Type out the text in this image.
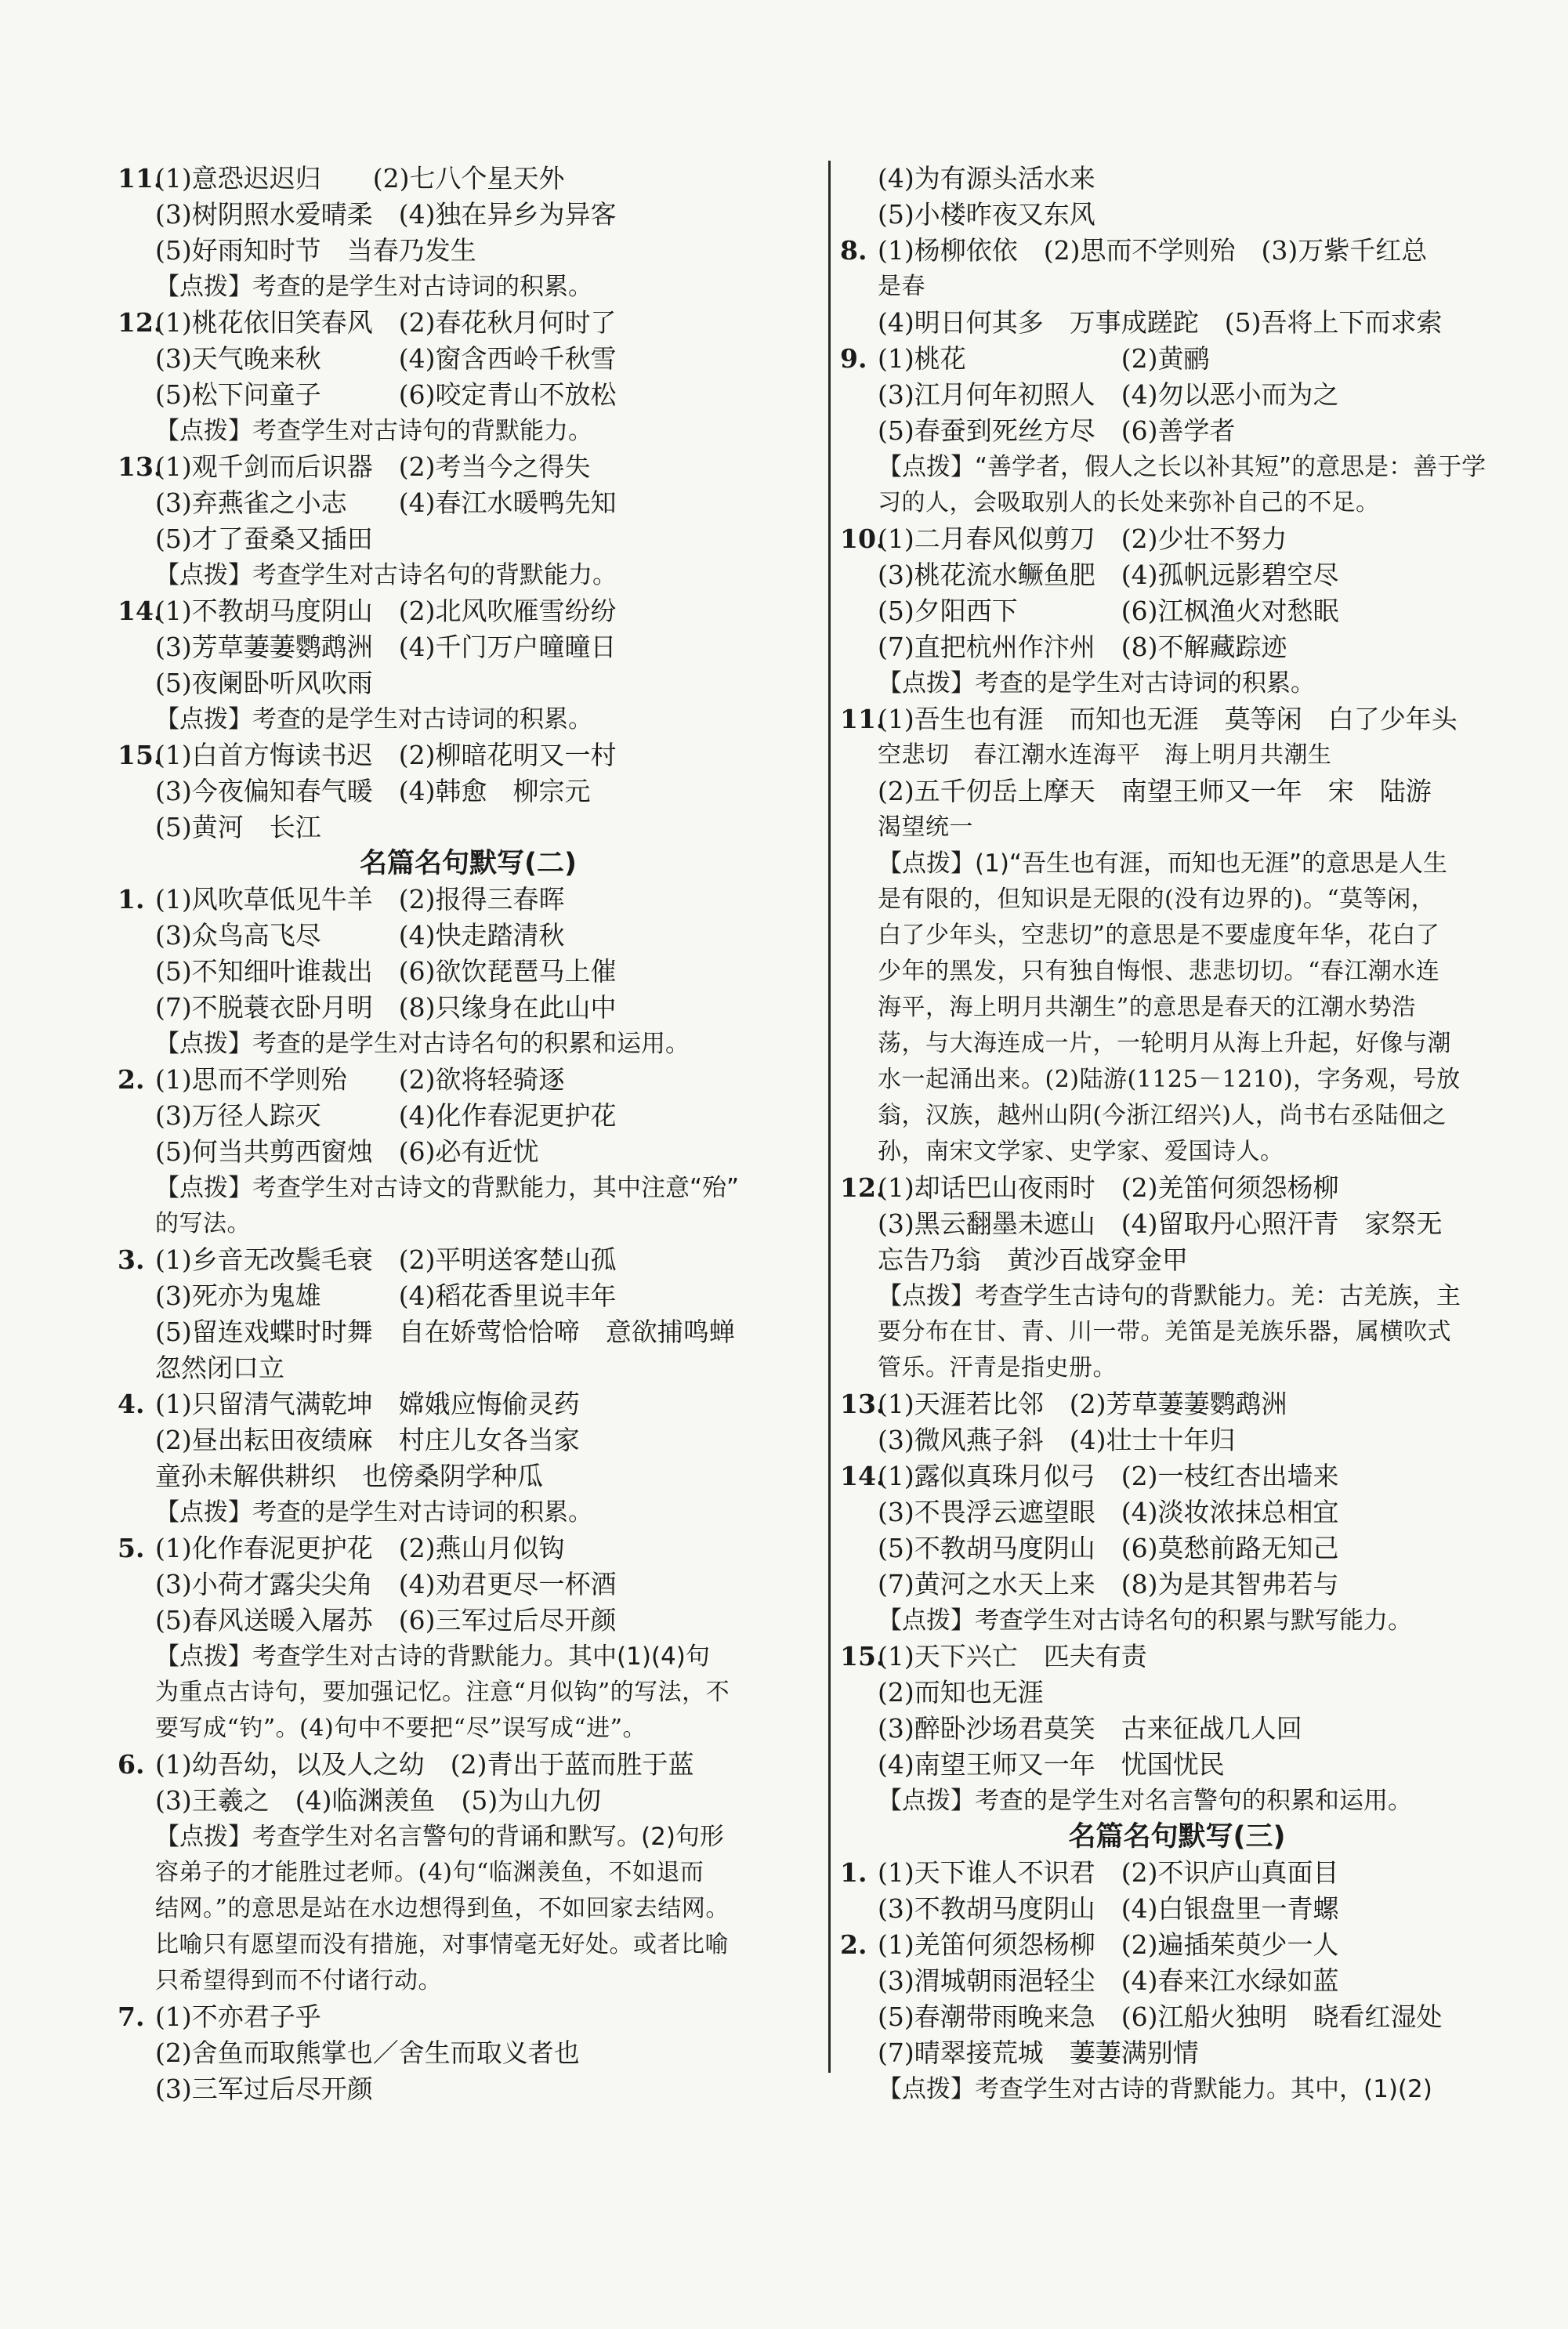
11.(1)意恐迟迟归　　(2)七八个星天外
(3)树阴照水爱晴柔　(4)独在异乡为异客
(5)好雨知时节　当春乃发生
【点拨】考查的是学生对古诗词的积累。
12.(1)桃花依旧笑春风　(2)春花秋月何时了
(3)天气晚来秋　　　(4)窗含西岭千秋雪
(5)松下问童子　　　(6)咬定青山不放松
【点拨】考查学生对古诗句的背默能力。
13.(1)观千剑而后识器　(2)考当今之得失
(3)弃燕雀之小志　　(4)春江水暖鸭先知
(5)才了蚕桑又插田
【点拨】考查学生对古诗名句的背默能力。
14.(1)不教胡马度阴山　(2)北风吹雁雪纷纷
(3)芳草萋萋鹦鹉洲　(4)千门万户曈曈日
(5)夜阑卧听风吹雨
【点拨】考查的是学生对古诗词的积累。
15.(1)白首方悔读书迟　(2)柳暗花明又一村
(3)今夜偏知春气暖　(4)韩愈　柳宗元
(5)黄河　长江
名篇名句默写(二)
1. (1)风吹草低见牛羊　(2)报得三春晖
(3)众鸟高飞尽　　　(4)快走踏清秋
(5)不知细叶谁裁出　(6)欲饮琵琶马上催
(7)不脱蓑衣卧月明　(8)只缘身在此山中
【点拨】考查的是学生对古诗名句的积累和运用。
2. (1)思而不学则殆　　(2)欲将轻骑逐
(3)万径人踪灭　　　(4)化作春泥更护花
(5)何当共剪西窗烛　(6)必有近忧
【点拨】考查学生对古诗文的背默能力，其中注意“殆”
的写法。
3. (1)乡音无改鬓毛衰　(2)平明送客楚山孤
(3)死亦为鬼雄　　　(4)稻花香里说丰年
(5)留连戏蝶时时舞　自在娇莺恰恰啼　意欲捕鸣蝉
忽然闭口立
4. (1)只留清气满乾坤　嫦娥应悔偷灵药
(2)昼出耘田夜绩麻　村庄儿女各当家
童孙未解供耕织　也傍桑阴学种瓜
【点拨】考查的是学生对古诗词的积累。
5. (1)化作春泥更护花　(2)燕山月似钩
(3)小荷才露尖尖角　(4)劝君更尽一杯酒
(5)春风送暖入屠苏　(6)三军过后尽开颜
【点拨】考查学生对古诗的背默能力。其中(1)(4)句
为重点古诗句，要加强记忆。注意“月似钩”的写法，不
要写成“钓”。(4)句中不要把“尽”误写成“进”。
6. (1)幼吾幼，以及人之幼　(2)青出于蓝而胜于蓝
(3)王羲之　(4)临渊羡鱼　(5)为山九仞
【点拨】考查学生对名言警句的背诵和默写。(2)句形
容弟子的才能胜过老师。(4)句“临渊羡鱼，不如退而
结网。”的意思是站在水边想得到鱼，不如回家去结网。
比喻只有愿望而没有措施，对事情毫无好处。或者比喻
只希望得到而不付诸行动。
7. (1)不亦君子乎
(2)舍鱼而取熊掌也／舍生而取义者也
(3)三军过后尽开颜
(4)为有源头活水来
(5)小楼昨夜又东风
8. (1)杨柳依依　(2)思而不学则殆　(3)万紫千红总
是春
(4)明日何其多　万事成蹉跎　(5)吾将上下而求索
9. (1)桃花　　　　　　(2)黄鹂
(3)江月何年初照人　(4)勿以恶小而为之
(5)春蚕到死丝方尽　(6)善学者
【点拨】“善学者，假人之长以补其短”的意思是：善于学
习的人，会吸取别人的长处来弥补自己的不足。
10.(1)二月春风似剪刀　(2)少壮不努力
(3)桃花流水鳜鱼肥　(4)孤帆远影碧空尽
(5)夕阳西下　　　　(6)江枫渔火对愁眠
(7)直把杭州作汴州　(8)不解藏踪迹
【点拨】考查的是学生对古诗词的积累。
11.(1)吾生也有涯　而知也无涯　莫等闲　白了少年头
空悲切　春江潮水连海平　海上明月共潮生
(2)五千仞岳上摩天　南望王师又一年　宋　陆游
渴望统一
【点拨】(1)“吾生也有涯，而知也无涯”的意思是人生
是有限的，但知识是无限的(没有边界的)。“莫等闲，
白了少年头，空悲切”的意思是不要虚度年华，花白了
少年的黑发，只有独自悔恨、悲悲切切。“春江潮水连
海平，海上明月共潮生”的意思是春天的江潮水势浩
荡，与大海连成一片，一轮明月从海上升起，好像与潮
水一起涌出来。(2)陆游(1125－1210)，字务观，号放
翁，汉族，越州山阴(今浙江绍兴)人，尚书右丞陆佃之
孙，南宋文学家、史学家、爱国诗人。
12.(1)却话巴山夜雨时　(2)羌笛何须怨杨柳
(3)黑云翻墨未遮山　(4)留取丹心照汗青　家祭无
忘告乃翁　黄沙百战穿金甲
【点拨】考查学生古诗句的背默能力。羌：古羌族，主
要分布在甘、青、川一带。羌笛是羌族乐器，属横吹式
管乐。汗青是指史册。
13.(1)天涯若比邻　(2)芳草萋萋鹦鹉洲
(3)微风燕子斜　(4)壮士十年归
14.(1)露似真珠月似弓　(2)一枝红杏出墙来
(3)不畏浮云遮望眼　(4)淡妆浓抹总相宜
(5)不教胡马度阴山　(6)莫愁前路无知己
(7)黄河之水天上来　(8)为是其智弗若与
【点拨】考查学生对古诗名句的积累与默写能力。
15.(1)天下兴亡　匹夫有责
(2)而知也无涯
(3)醉卧沙场君莫笑　古来征战几人回
(4)南望王师又一年　忧国忧民
【点拨】考查的是学生对名言警句的积累和运用。
名篇名句默写(三)
1. (1)天下谁人不识君　(2)不识庐山真面目
(3)不教胡马度阴山　(4)白银盘里一青螺
2. (1)羌笛何须怨杨柳　(2)遍插茱萸少一人
(3)渭城朝雨浥轻尘　(4)春来江水绿如蓝
(5)春潮带雨晚来急　(6)江船火独明　晓看红湿处
(7)晴翠接荒城　萋萋满别情
【点拨】考查学生对古诗的背默能力。其中，(1)(2)
